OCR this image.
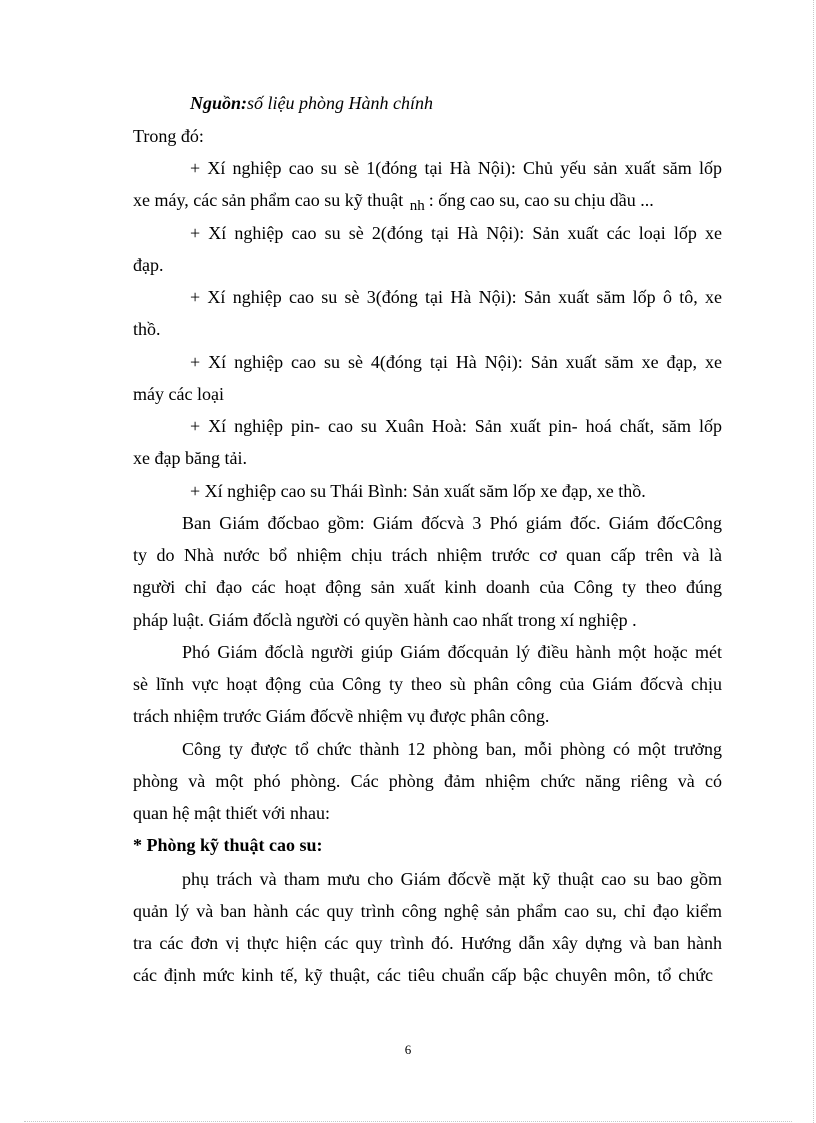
Nguồn:số liệu phòng Hành chính
Trong đó:
+ Xí nghiệp cao su sè 1(đóng tại Hà Nội): Chủ yếu sản xuất săm lốp
xe máy, các sản phẩm cao su kỹ thuật $_{nh}$ : ống cao su, cao su chịu dầu ...
+ Xí nghiệp cao su sè 2(đóng tại Hà Nội): Sản xuất các loại lốp xe
đạp.
+ Xí nghiệp cao su sè 3(đóng tại Hà Nội): Sản xuất săm lốp ô tô, xe
thồ.
+ Xí nghiệp cao su sè 4(đóng tại Hà Nội): Sản xuất săm xe đạp, xe
máy các loại
+ Xí nghiệp pin- cao su Xuân Hoà: Sản xuất pin- hoá chất, săm lốp
xe đạp băng tải.
+ Xí nghiệp cao su Thái Bình: Sản xuất săm lốp xe đạp, xe thồ.
Ban Giám đốcbao gồm: Giám đốcvà 3 Phó giám đốc. Giám đốcCông
ty do Nhà nước bổ nhiệm chịu trách nhiệm trước cơ quan cấp trên và là
người chỉ đạo các hoạt động sản xuất kinh doanh của Công ty theo đúng
pháp luật. Giám đốclà người có quyền hành cao nhất trong xí nghiệp .
Phó Giám đốclà người giúp Giám đốcquản lý điều hành một hoặc mét
sè lĩnh vực hoạt động của Công ty theo sù phân công của Giám đốcvà chịu
trách nhiệm trước Giám đốcvề nhiệm vụ được phân công.
Công ty được tổ chức thành 12 phòng ban, mỗi phòng có một trưởng
phòng và một phó phòng. Các phòng đảm nhiệm chức năng riêng và có
quan hệ mật thiết với nhau:
* Phòng kỹ thuật cao su:
phụ trách và tham mưu cho Giám đốcvề mặt kỹ thuật cao su bao gồm
quản lý và ban hành các quy trình công nghệ sản phẩm cao su, chỉ đạo kiểm
tra các đơn vị thực hiện các quy trình đó. Hướng dẫn xây dựng và ban hành
các định mức kinh tế, kỹ thuật, các tiêu chuẩn cấp bậc chuyên môn, tổ chức
6
